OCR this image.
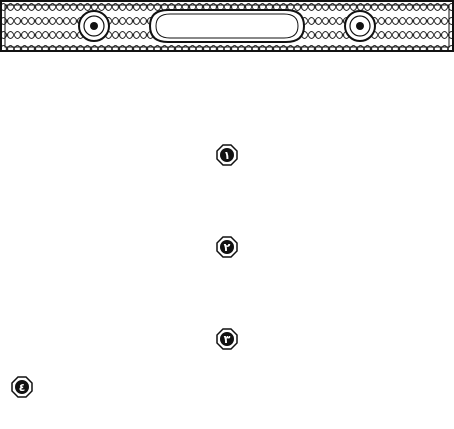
١
٢
٣
٤
